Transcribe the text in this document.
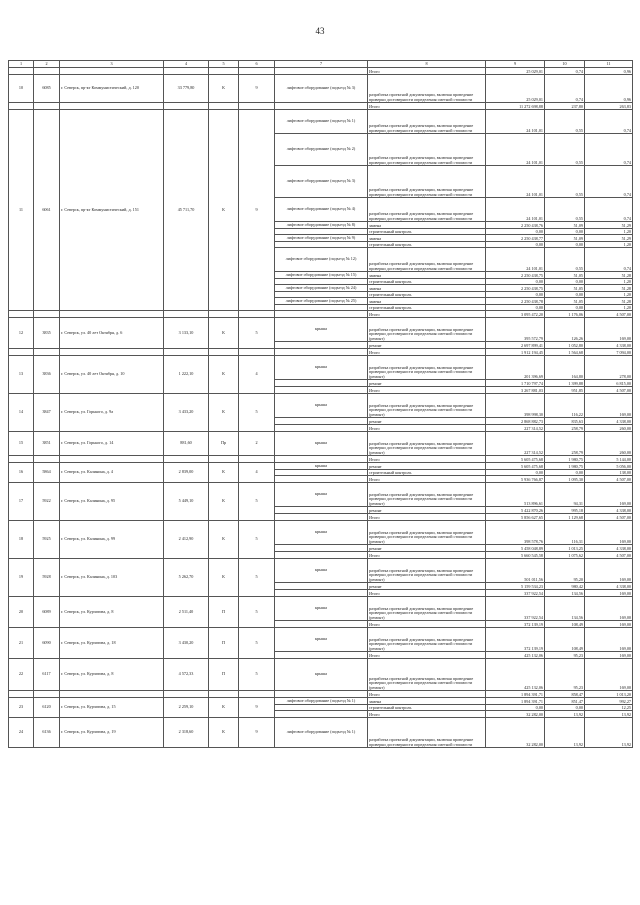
43
1	2	3	4	5	6	7	8	9	10	11
							Итого	25 029,01	0,74	0,96
10	6085	г. Северск, пр-кт Коммунистический, д. 120	33 779,80	К	9	лифтовое оборудование (подъезд № 3)	разработка проектной документации, включая проведение проверки достоверности определения сметной стоимости	25 029,01	0,74	0,96
							Итого	11 272 698,88	237,80	263,83
11	6061	г. Северск, пр-кт Коммунистический, д. 151	45 711,70	К	9	лифтовое оборудование (подъезд № 1)	разработка проектной документации, включая проведение проверки достоверности определения сметной стоимости	24 101,01	0,55	0,74
						лифтовое оборудование (подъезд № 2)	разработка проектной документации, включая проведение проверки достоверности определения сметной стоимости	24 101,01	0,55	0,74
						лифтовое оборудование (подъезд № 3)	разработка проектной документации, включая проведение проверки достоверности определения сметной стоимости	24 101,01	0,55	0,74
						лифтовое оборудование (подъезд № 4)	разработка проектной документации, включая проведение проверки достоверности определения сметной стоимости	24 101,01	0,55	0,74
						лифтовое оборудование (подъезд № 8)	замена	2 250 438,76	51,09	51,29
							строительный контроль	0,00	0,00	1,20
						лифтовое оборудование (подъезд № 9)	замена	2 250 438,77	51,09	51,29
							строительный контроль	0,00	0,00	1,20
						лифтовое оборудование (подъезд № 12)	разработка проектной документации, включая проведение проверки достоверности определения сметной стоимости	24 101,01	0,55	0,74
						лифтовое оборудование (подъезд № 15)	замена	2 250 438,75	51,05	51,28
							строительный контроль	0,00	0,00	1,20
						лифтовое оборудование (подъезд № 24)	замена	2 250 438,75	51,05	51,28
							строительный контроль	0,00	0,00	1,20
						лифтовое оборудование (подъезд № 25)	замена	2 250 438,78	51,05	51,28
							строительный контроль	0,00	0,00	1,20
							Итого	3 095 472,20	1 176,06	4 507,00
12	3835	г. Северск, ул. 40 лет Октября, д. 6	3 133,10	К	5	крыша	разработка проектной документации, включая проведение проверки достоверности определения сметной стоимости (ремонт)	395 572,79	126,26	169,00
							ремонт	2 697 899,41	1 052,80	4 338,00
							Итого	1 912 194,45	1 564,68	7 094,00
13	3836	г. Северск, ул. 40 лет Октября, д. 10	1 222,10	К	4	крыша	разработка проектной документации, включая проведение проверки достоверности определения сметной стоимости (ремонт)	201 396,69	164,80	278,00
							ремонт	1 710 797,74	1 399,88	6 815,00
							Итого	3 267 881,03	951,85	4 507,00
14	3847	г. Северск, ул. Горького, д. 9а	3 433,20	К	5	крыша	разработка проектной документации, включая проведение проверки достоверности определения сметной стоимости (ремонт)	398 998,30	116,22	169,00
							ремонт	2 868 882,73	835,63	4 338,00
							Итого	227 314,52	258,79	260,00
15	3851	г. Северск, ул. Горького, д. 14	881,60	Пр	2	крыша	разработка проектной документации, включая проведение проверки достоверности определения сметной стоимости (ремонт)	227 314,52	258,79	260,00
							Итого	5 605 475,68	1 980,75	5 144,00
16	5864	г. Северск, ул. Калинина, д. 4	2 839,00	К	4	крыша	ремонт	5 605 475,68	1 980,75	5 056,00
							строительный контроль	0,00	0,00	138,00
							Итого	5 936 766,87	1 095,30	4 507,00
17	5922	г. Северск, ул. Калинина, д. 95	5 449,10	К	5	крыша	разработка проектной документации, включая проведение проверки достоверности определения сметной стоимости (ремонт)	513 896,61	94,31	169,00
							ремонт	5 422 870,26	995,18	4 338,00
							Итого	5 856 627,65	1 129,68	4 507,00
18	5925	г. Северск, ул. Калинина, д. 99	2 412,90	К	5	крыша	разработка проектной документации, включая проведение проверки достоверности определения сметной стоимости (ремонт)	398 578,76	116,31	169,00
							ремонт	5 458 048,89	1 013,25	4 338,00
							Итого	5 660 545,58	1 075,62	4 507,00
19	5928	г. Северск, ул. Калинина, д. 103	5 262,70	К	5	крыша	разработка проектной документации, включая проведение проверки достоверности определения сметной стоимости (ремонт)	501 011,56	95,20	169,00
							ремонт	5 159 534,23	980,42	4 338,00
							Итого	337 922,54	134,56	169,00
20	6089	г. Северск, ул. Курчатова, д. 8	2 511,40	П	5	крыша	разработка проектной документации, включая проведение проверки достоверности определения сметной стоимости (ремонт)	337 922,54	134,56	169,00
							Итого	372 139,19	108,49	169,00
21	6090	г. Северск, ул. Курчатова, д. 18	3 430,20	П	5	крыша	разработка проектной документации, включая проведение проверки достоверности определения сметной стоимости (ремонт)	372 139,19	108,49	169,00
							Итого	425 132,06	95,23	169,00
22	6117	г. Северск, ул. Курчатова, д. 8	4 572,33	П	5	крыша	разработка проектной документации, включая проведение проверки достоверности определения сметной стоимости (ремонт)	425 132,06	95,23	169,00
							Итого	1 894 391,71	858,47	1 013,20
23	6120	г. Северск, ул. Курчатова, д. 15	2 259,10	К	9	лифтовое оборудование (подъезд № 1)	замена	1 894 391,71	851,47	992,27
							строительный контроль	0,00	0,00	12,25
							Итого	32 282,00	13,92	13,92
24	6136	г. Северск, ул. Курчатова, д. 19	2 318,60	К	9	лифтовое оборудование (подъезд № 1)	разработка проектной документации, включая проведение проверки достоверности определения сметной стоимости	32 282,00	13,92	13,92
